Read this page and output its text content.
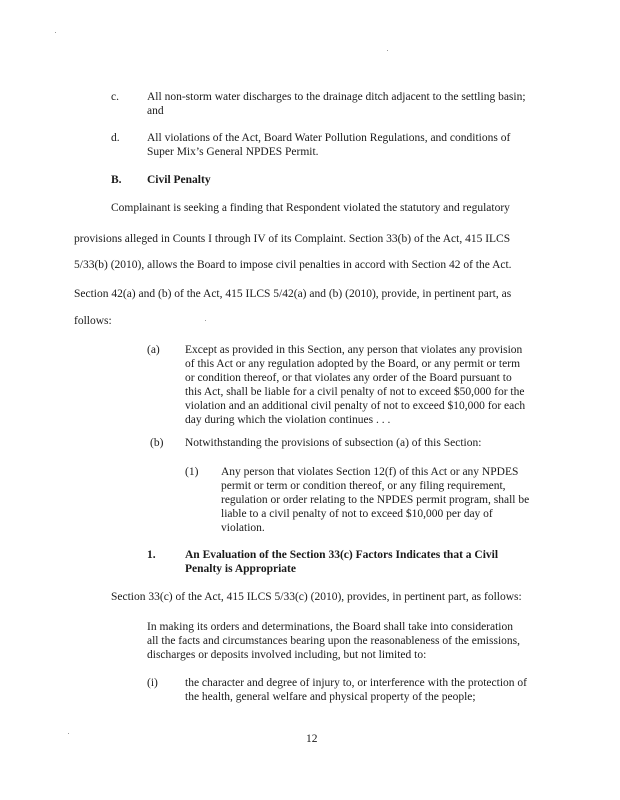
c. All non-storm water discharges to the drainage ditch adjacent to the settling basin;
and
d. All violations of the Act, Board Water Pollution Regulations, and conditions of
Super Mix’s General NPDES Permit.
B. Civil Penalty
Complainant is seeking a finding that Respondent violated the statutory and regulatory
provisions alleged in Counts I through IV of its Complaint. Section 33(b) of the Act, 415 ILCS
5/33(b) (2010), allows the Board to impose civil penalties in accord with Section 42 of the Act.
Section 42(a) and (b) of the Act, 415 ILCS 5/42(a) and (b) (2010), provide, in pertinent part, as
follows:
(a) Except as provided in this Section, any person that violates any provision
of this Act or any regulation adopted by the Board, or any permit or term
or condition thereof, or that violates any order of the Board pursuant to
this Act, shall be liable for a civil penalty of not to exceed $50,000 for the
violation and an additional civil penalty of not to exceed $10,000 for each
day during which the violation continues . . .
(b) Notwithstanding the provisions of subsection (a) of this Section:
(1) Any person that violates Section 12(f) of this Act or any NPDES
permit or term or condition thereof, or any filing requirement,
regulation or order relating to the NPDES permit program, shall be
liable to a civil penalty of not to exceed $10,000 per day of
violation.
1.	An Evaluation of the Section 33(c) Factors Indicates that a Civil
Penalty is Appropriate
Section 33(c) of the Act, 415 ILCS 5/33(c) (2010), provides, in pertinent part, as follows:
In making its orders and determinations, the Board shall take into consideration
all the facts and circumstances bearing upon the reasonableness of the emissions,
discharges or deposits involved including, but not limited to:
(i) the character and degree of injury to, or interference with the protection of
the health, general welfare and physical property of the people;
12
